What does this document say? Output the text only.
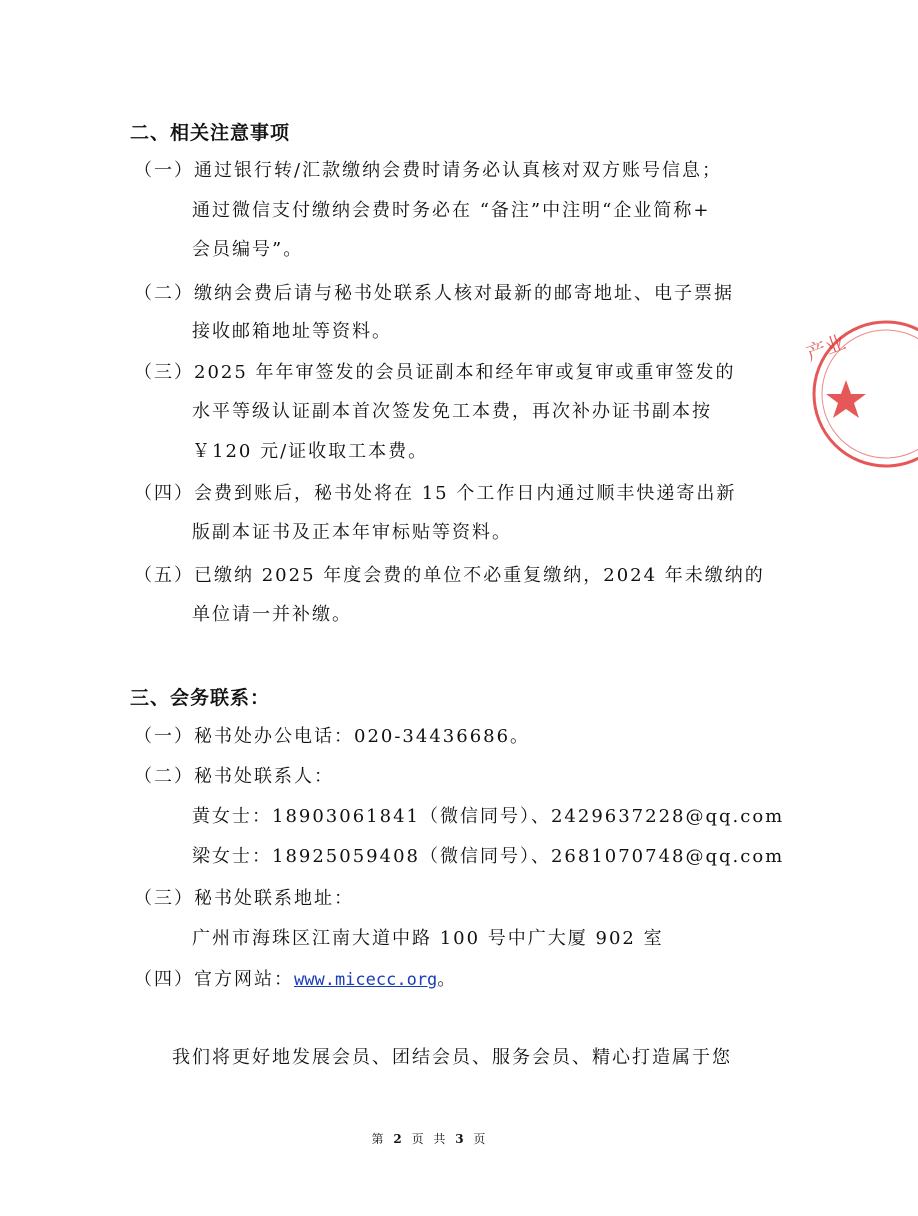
二、相关注意事项
（一）通过银行转/汇款缴纳会费时请务必认真核对双方账号信息；
通过微信支付缴纳会费时务必在 “备注”中注明“企业简称+
会员编号”。
（二）缴纳会费后请与秘书处联系人核对最新的邮寄地址、电子票据
接收邮箱地址等资料。
（三）2025 年年审签发的会员证副本和经年审或复审或重审签发的
水平等级认证副本首次签发免工本费，再次补办证书副本按
￥120 元/证收取工本费。
（四）会费到账后，秘书处将在 15 个工作日内通过顺丰快递寄出新
版副本证书及正本年审标贴等资料。
（五）已缴纳 2025 年度会费的单位不必重复缴纳，2024 年未缴纳的
单位请一并补缴。
三、会务联系：
（一）秘书处办公电话：020-34436686。
（二）秘书处联系人：
黄女士：18903061841（微信同号）、2429637228@qq.com
梁女士：18925059408（微信同号）、2681070748@qq.com
（三）秘书处联系地址：
广州市海珠区江南大道中路 100 号中广大厦 902 室
（四）官方网站：www.micecc.org。
我们将更好地发展会员、团结会员、服务会员、精心打造属于您
第 2 页 共 3 页
产业
